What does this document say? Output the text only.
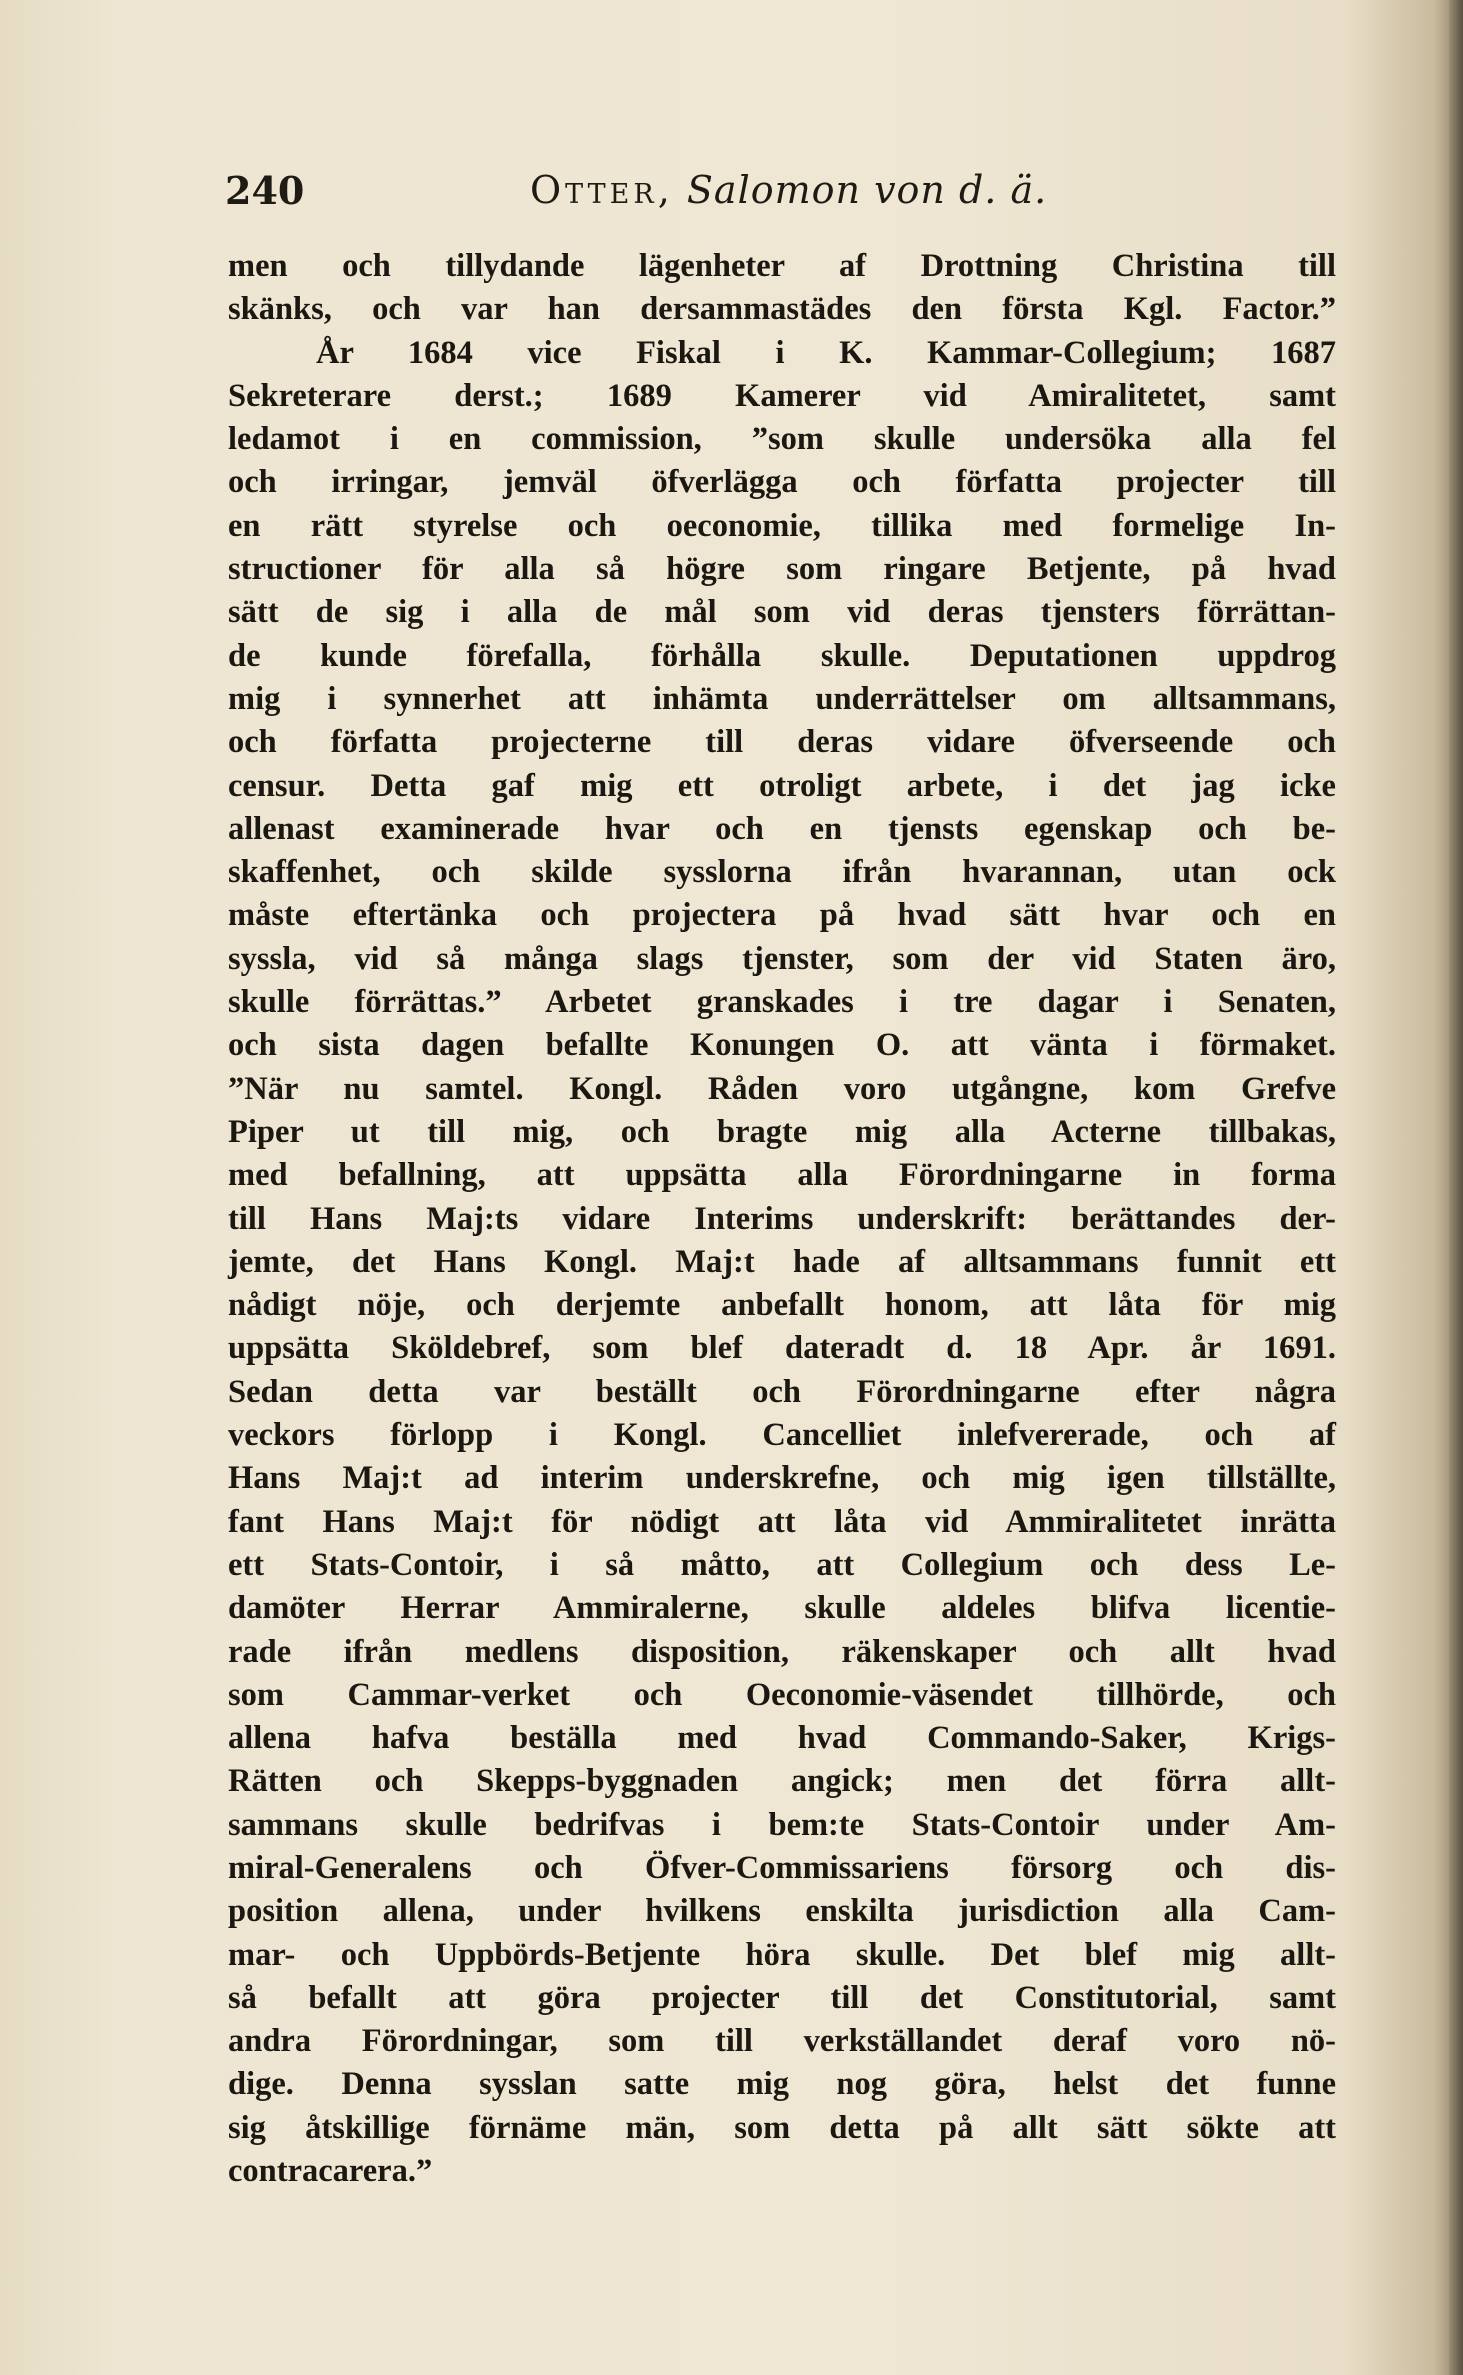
240	Otter, Salomon von d. ä.
men och tillydande lägenheter af Drottning Christina till
skänks, och var han dersammastädes den första Kgl. Factor.”
År 1684 vice Fiskal i K. Kammar-Collegium; 1687
Sekreterare derst.; 1689 Kamerer vid Amiralitetet, samt
ledamot i en commission, ”som skulle undersöka alla fel
och irringar, jemväl öfverlägga och författa projecter till
en rätt styrelse och oeconomie, tillika med formelige In-
structioner för alla så högre som ringare Betjente, på hvad
sätt de sig i alla de mål som vid deras tjensters förrättan-
de kunde förefalla, förhålla skulle. Deputationen uppdrog
mig i synnerhet att inhämta underrättelser om alltsammans,
och författa projecterne till deras vidare öfverseende och
censur. Detta gaf mig ett otroligt arbete, i det jag icke
allenast examinerade hvar och en tjensts egenskap och be-
skaffenhet, och skilde sysslorna ifrån hvarannan, utan ock
måste eftertänka och projectera på hvad sätt hvar och en
syssla, vid så många slags tjenster, som der vid Staten äro,
skulle förrättas.” Arbetet granskades i tre dagar i Senaten,
och sista dagen befallte Konungen O. att vänta i förmaket.
”När nu samtel. Kongl. Råden voro utgångne, kom Grefve
Piper ut till mig, och bragte mig alla Acterne tillbakas,
med befallning, att uppsätta alla Förordningarne in forma
till Hans Maj:ts vidare Interims underskrift: berättandes der-
jemte, det Hans Kongl. Maj:t hade af alltsammans funnit ett
nådigt nöje, och derjemte anbefallt honom, att låta för mig
uppsätta Sköldebref, som blef dateradt d. 18 Apr. år 1691.
Sedan detta var beställt och Förordningarne efter några
veckors förlopp i Kongl. Cancelliet inlefvererade, och af
Hans Maj:t ad interim underskrefne, och mig igen tillställte,
fant Hans Maj:t för nödigt att låta vid Ammiralitetet inrätta
ett Stats-Contoir, i så måtto, att Collegium och dess Le-
damöter Herrar Ammiralerne, skulle aldeles blifva licentie-
rade ifrån medlens disposition, räkenskaper och allt hvad
som Cammar-verket och Oeconomie-väsendet tillhörde, och
allena hafva beställa med hvad Commando-Saker, Krigs-
Rätten och Skepps-byggnaden angick; men det förra allt-
sammans skulle bedrifvas i bem:te Stats-Contoir under Am-
miral-Generalens och Öfver-Commissariens försorg och dis-
position allena, under hvilkens enskilta jurisdiction alla Cam-
mar- och Uppbörds-Betjente höra skulle. Det blef mig allt-
så befallt att göra projecter till det Constitutorial, samt
andra Förordningar, som till verkställandet deraf voro nö-
dige. Denna sysslan satte mig nog göra, helst det funne
sig åtskillige förnäme män, som detta på allt sätt sökte att
contracarera.”
